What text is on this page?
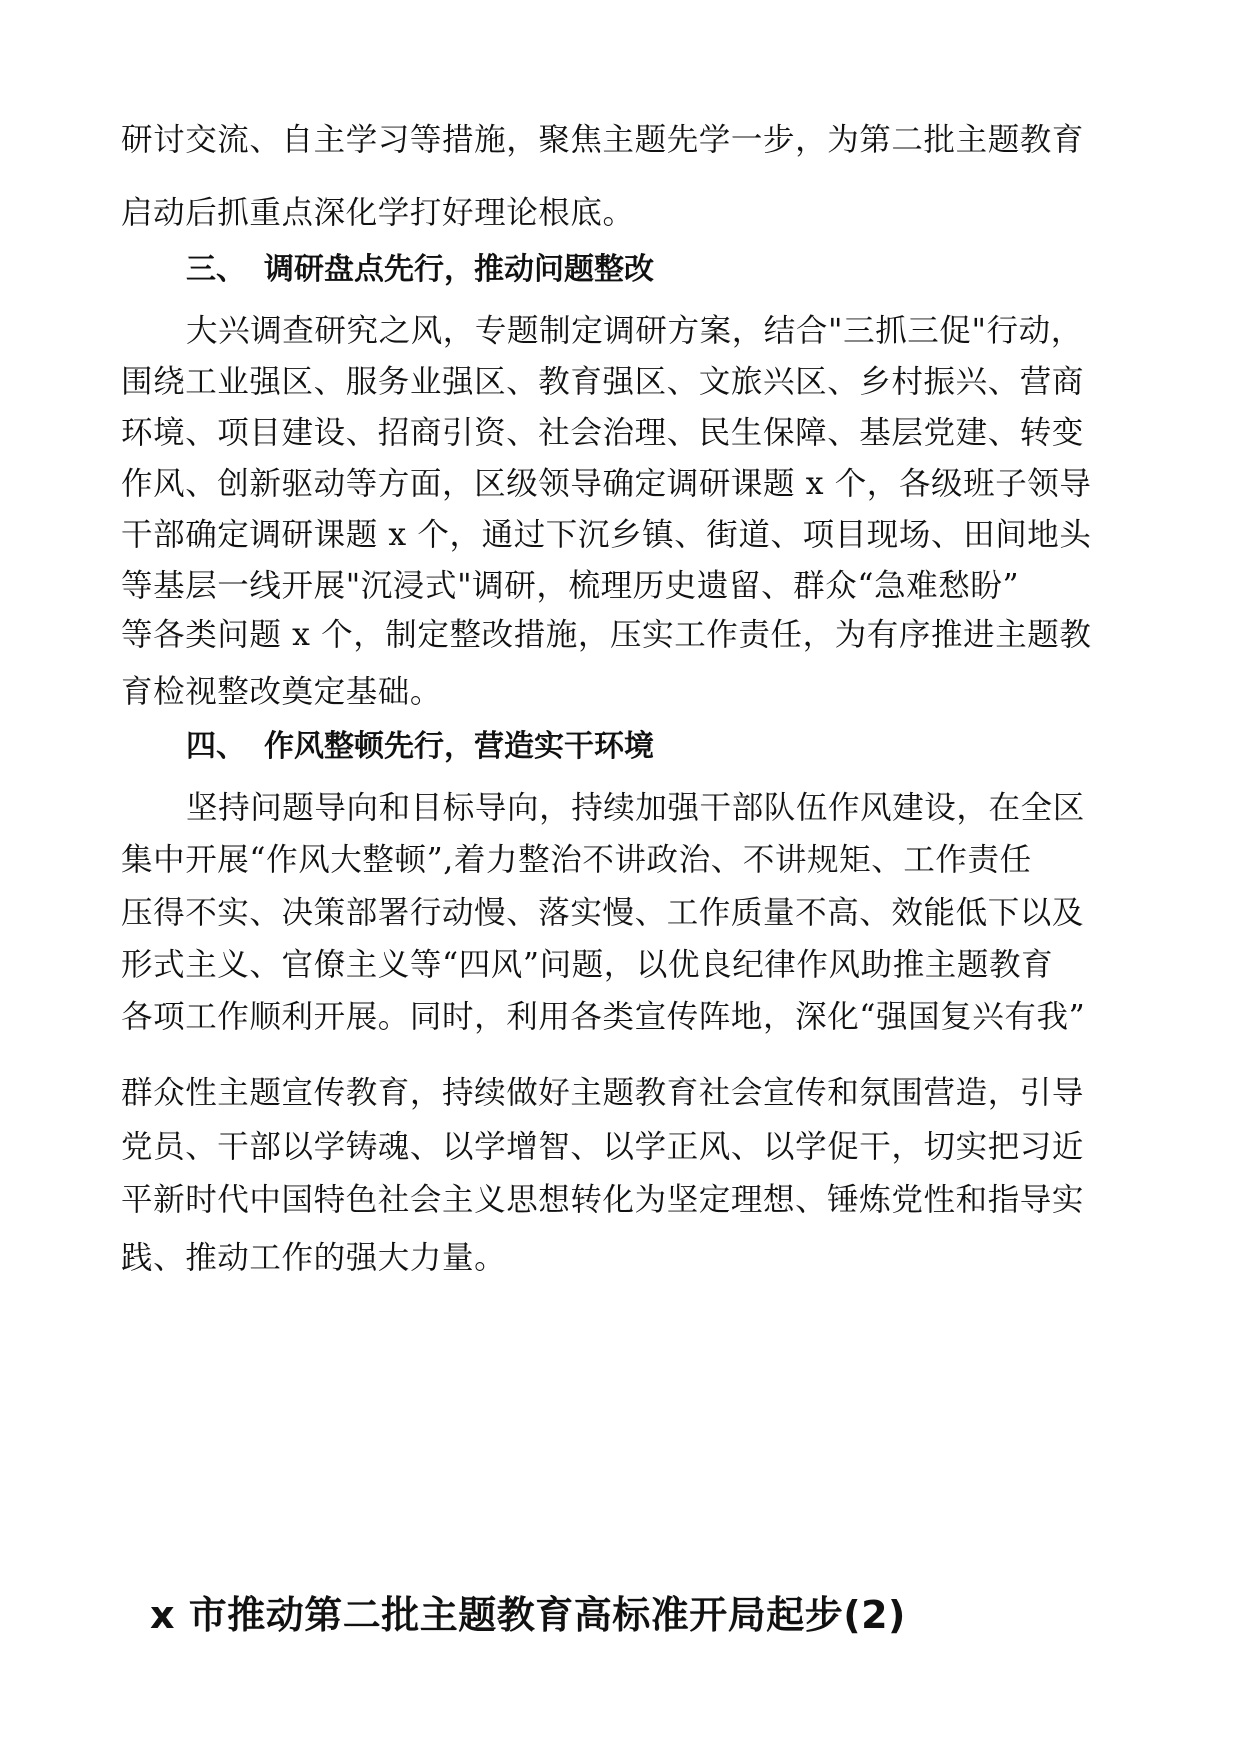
研讨交流、自主学习等措施，聚焦主题先学一步，为第二批主题教育
启动后抓重点深化学打好理论根底。
三、 调研盘点先行，推动问题整改
大兴调查研究之风，专题制定调研方案，结合"三抓三促"行动，
围绕工业强区、服务业强区、教育强区、文旅兴区、乡村振兴、营商
环境、项目建设、招商引资、社会治理、民生保障、基层党建、转变
作风、创新驱动等方面，区级领导确定调研课题 x 个，各级班子领导
干部确定调研课题 x 个，通过下沉乡镇、街道、项目现场、田间地头
等基层一线开展"沉浸式"调研，梳理历史遗留、群众“急难愁盼”
等各类问题 x 个，制定整改措施，压实工作责任，为有序推进主题教
育检视整改奠定基础。
四、 作风整顿先行，营造实干环境
坚持问题导向和目标导向，持续加强干部队伍作风建设，在全区
集中开展“作风大整顿”,着力整治不讲政治、不讲规矩、工作责任
压得不实、决策部署行动慢、落实慢、工作质量不高、效能低下以及
形式主义、官僚主义等“四风”问题，以优良纪律作风助推主题教育
各项工作顺利开展。同时，利用各类宣传阵地，深化“强国复兴有我”
群众性主题宣传教育，持续做好主题教育社会宣传和氛围营造，引导
党员、干部以学铸魂、以学增智、以学正风、以学促干，切实把习近
平新时代中国特色社会主义思想转化为坚定理想、锤炼党性和指导实
践、推动工作的强大力量。
x 市推动第二批主题教育高标准开局起步(2)
